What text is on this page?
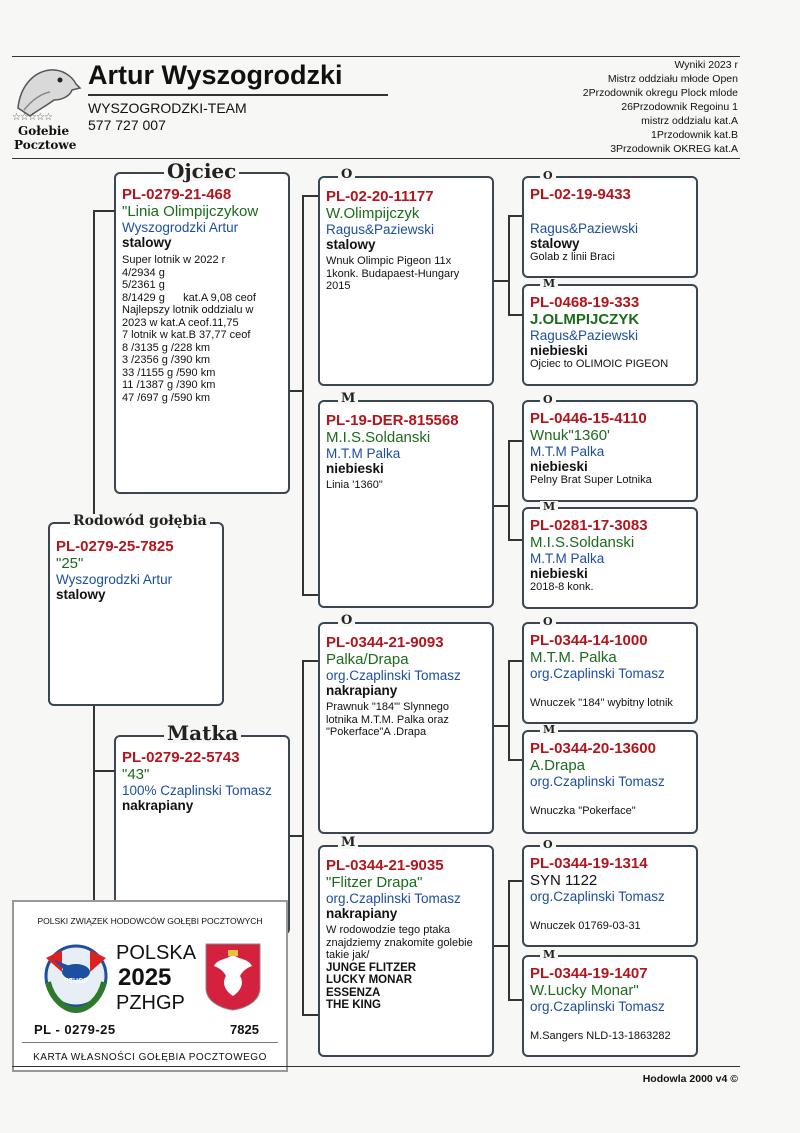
☆☆☆☆☆
Gołebie
Pocztowe
Artur Wyszogrodzki
WYSZOGRODZKI-TEAM
577 727 007
Wyniki 2023 r
Mistrz oddziału młode Open
2Przodownik okregu Plock mlode
26Przodownik Regoinu 1
mistrz oddzialu kat.A
1Przodownik kat.B
3Przodownik OKREG kat.A
PL-0279-25-7825
"25"
Wyszogrodzki Artur
stalowy
Rodowód gołębia
PL-0279-21-468
"Linia Olimpijczykow
Wyszogrodzki Artur
stalowy
Super lotnik w 2022 r
4/2934 g
5/2361 g
8/1429 g      kat.A 9,08 ceof
Najlepszy lotnik oddzialu w
2023 w kat.A ceof.11,75
7 lotnik w kat.B 37,77 ceof
8 /3135 g /228 km
3 /2356 g /390 km
33 /1155 g /590 km
11 /1387 g /390 km
47 /697 g /590 km
Ojciec
PL-0279-22-5743
"43"
100% Czaplinski Tomasz
nakrapiany
Matka
PL-02-20-11177
W.Olimpijczyk
Ragus&Paziewski
stalowy
Wnuk Olimpic Pigeon 11x
1konk. Budapaest-Hungary
2015
O
PL-19-DER-815568
M.I.S.Soldanski
M.T.M Palka
niebieski
Linia '1360"
M
PL-0344-21-9093
Palka/Drapa
org.Czaplinski Tomasz
nakrapiany
Prawnuk "184"' Slynnego
lotnika M.T.M. Palka oraz
"Pokerface"A .Drapa
O
PL-0344-21-9035
"Flitzer Drapa"
org.Czaplinski Tomasz
nakrapiany
W rodowodzie tego ptaka
znajdziemy znakomite golebie
takie jak/
JUNGE FLITZER
LUCKY MONAR
ESSENZA
THE KING
M
PL-02-19-9433
Ragus&Paziewski
stalowy
Golab z linii Braci
O
PL-0468-19-333
J.OLMPIJCZYK
Ragus&Paziewski
niebieski
Ojciec to OLIMOIC PIGEON
M
PL-0446-15-4110
Wnuk"1360'
M.T.M Palka
niebieski
Pelny Brat Super Lotnika
O
PL-0281-17-3083
M.I.S.Soldanski
M.T.M Palka
niebieski
2018-8 konk.
M
PL-0344-14-1000
M.T.M. Palka
org.Czaplinski Tomasz
Wnuczek "184" wybitny lotnik
O
PL-0344-20-13600
A.Drapa
org.Czaplinski Tomasz
Wnuczka "Pokerface"
M
PL-0344-19-1314
SYN 1122
org.Czaplinski Tomasz
Wnuczek 01769-03-31
O
PL-0344-19-1407
W.Lucky Monar"
org.Czaplinski Tomasz
M.Sangers NLD-13-1863282
M
POLSKI ZWIĄZEK HODOWCÓW GOŁĘBI POCZTOWYCH
PZHGP
POLSKA
2025
PZHGP
PL - 0279-25	7825
KARTA WŁASNOŚCI GOŁĘBIA POCZTOWEGO
Hodowla 2000 v4 ©
